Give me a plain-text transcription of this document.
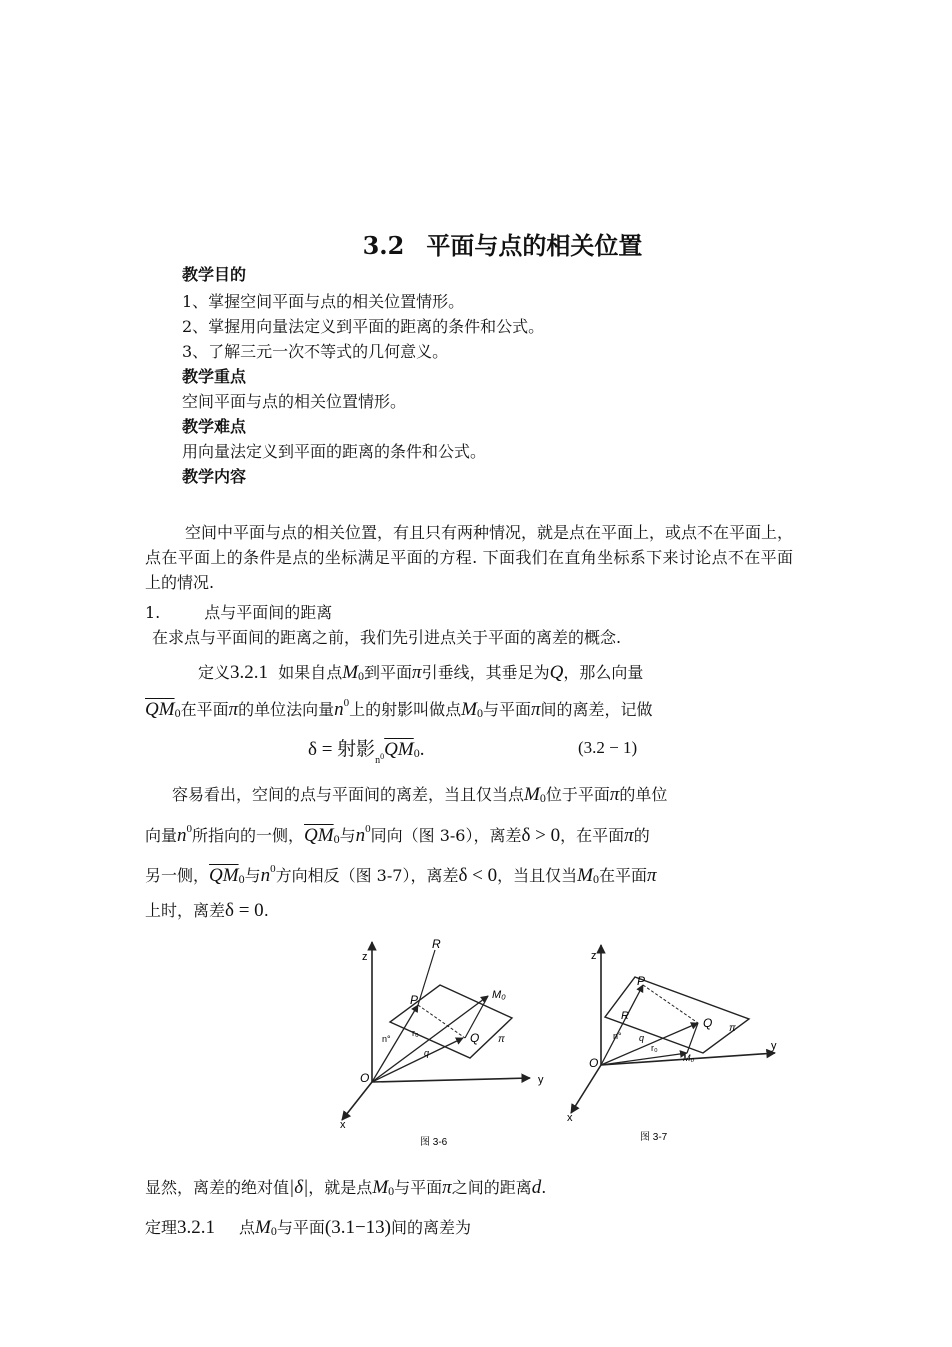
3.2 平面与点的相关位置
教学目的
1、掌握空间平面与点的相关位置情形。
2、掌握用向量法定义到平面的距离的条件和公式。
3、了解三元一次不等式的几何意义。
教学重点
空间平面与点的相关位置情形。
教学难点
用向量法定义到平面的距离的条件和公式。
教学内容
空间中平面与点的相关位置，有且只有两种情况，就是点在平面上，或点不在平面上，点在平面上的条件是点的坐标满足平面的方程. 下面我们在直角坐标系下来讨论点不在平面上的情况.
1.	点与平面间的距离
在求点与平面间的距离之前，我们先引进点关于平面的离差的概念.
定义3.2.1 如果自点M0到平面π引垂线，其垂足为Q，那么向量
$\overline{QM}0$在平面π的单位法向量$n^0$上的射影叫做点M0与平面π间的离差，记做
δ = 射影$_{n^0}\overline{QM}0$.	(3.2 − 1)
容易看出，空间的点与平面间的离差，当且仅当点M0位于平面π的单位
向量$n^0$所指向的一侧，$\overline{QM}0$与$n^0$同向（图 3-6），离差δ > 0，在平面π的
另一侧，$\overline{QM}0$与$n^0$方向相反（图 3-7），离差δ < 0，当且仅当M0在平面π
上时，离差δ = 0.
z
y
x
O
R
P	M₀
Q
n°
r₀
q
π
图 3-6
z
y
x
O
R
P
M₀
Q
n°
r₀
q
π
图 3-7
显然，离差的绝对值|δ|，就是点M0与平面π之间的距离d.
定理3.2.1 点M0与平面(3.1−13)间的离差为
